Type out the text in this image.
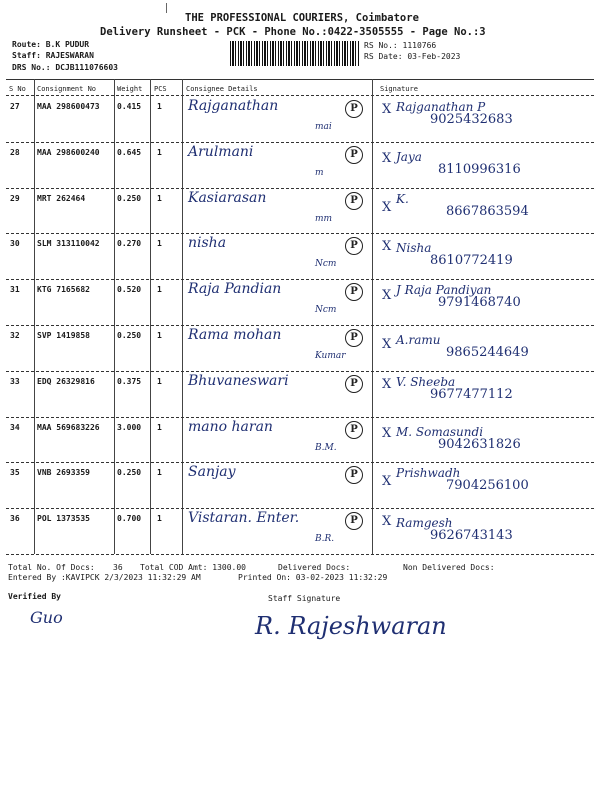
THE PROFESSIONAL COURIERS, Coimbatore
Delivery Runsheet - PCK - Phone No.:0422-3505555 - Page No.:3
Route: B.K PUDUR
Staff: RAJESWARAN
DRS No.: DCJB111076603
RS No.: 1110766
RS Date: 03-Feb-2023
S No Consignment No	Weight PCS	Consignee Details	Signature
27 MAA 298600473 0.415 1 Rajganathan
mai
P	X Rajganathan P
9025432683
28 MAA 298600240 0.645 1 Arulmani
m
P	X Jaya
8110996316
29 MRT 262464	0.250 1 Kasiarasan
mm
P	X
K.
8667863594
30 SLM 313110042 0.270 1 nisha
Ncm
P	X Nisha
8610772419
31 KTG 7165682	0.520 1 Raja Pandian
Ncm
P	X J Raja Pandiyan
9791468740
32 SVP 1419858	0.250 1 Rama mohan
Kumar
P	X A.ramu
9865244649
33 EDQ 26329816	0.375 1 Bhuvaneswari	P	X V. Sheeba
9677477112
34 MAA 569683226 3.000 1 mano haran
B.M.
P	X M. Somasundi
9042631826
35 VNB 2693359	0.250 1 Sanjay	P	X
Prishwadh
7904256100
36 POL 1373535	0.700 1 Vistaran. Enter.
B.R.
P	X Ramgesh
9626743143
Total No. Of Docs: 36 Total COD Amt: 1300.00	Delivered Docs:	Non Delivered Docs:
Entered By :KAVIPCK 2/3/2023 11:32:29 AM	Printed On: 03-02-2023 11:32:29
Verified By
Guo
Staff Signature
R. Rajeshwaran
